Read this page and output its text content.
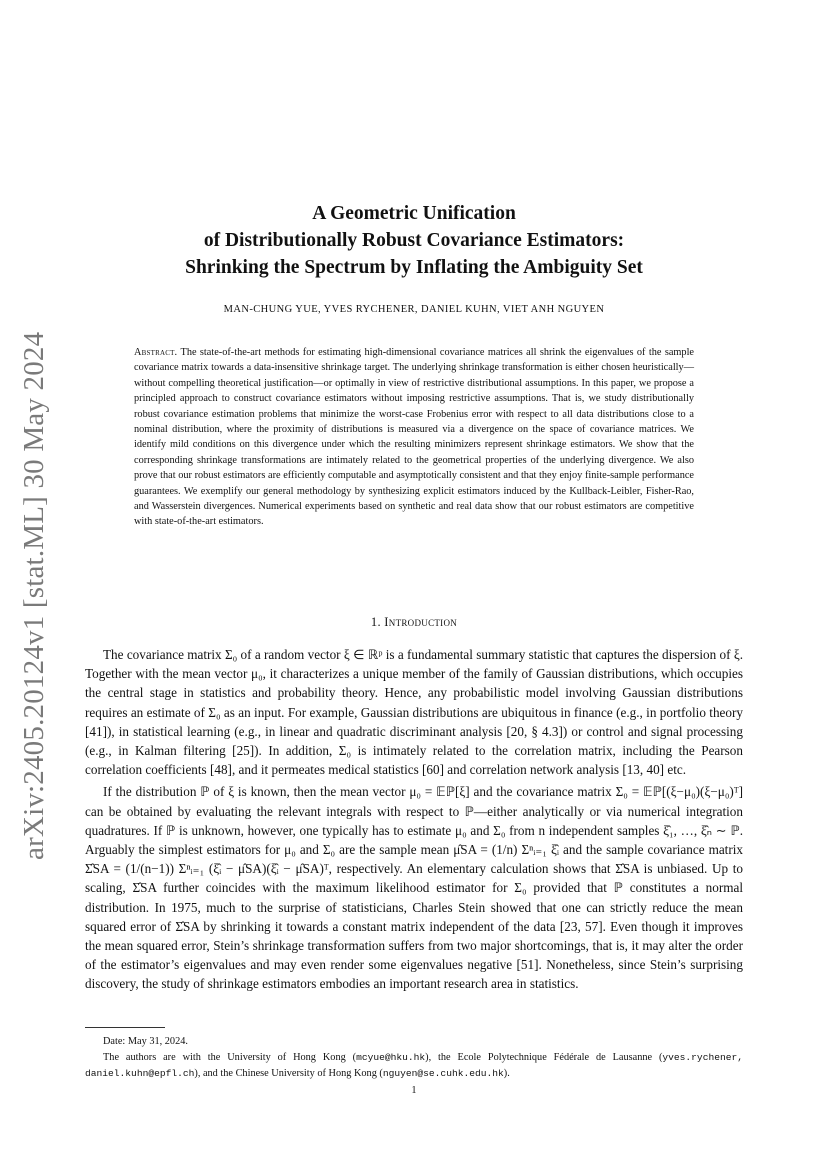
arXiv:2405.20124v1 [stat.ML] 30 May 2024
A Geometric Unification
of Distributionally Robust Covariance Estimators:
Shrinking the Spectrum by Inflating the Ambiguity Set
MAN-CHUNG YUE, YVES RYCHENER, DANIEL KUHN, VIET ANH NGUYEN
Abstract. The state-of-the-art methods for estimating high-dimensional covariance matrices all shrink the eigenvalues of the sample covariance matrix towards a data-insensitive shrinkage target. The underlying shrinkage transformation is either chosen heuristically—without compelling theoretical justification—or optimally in view of restrictive distributional assumptions. In this paper, we propose a principled approach to construct covariance estimators without imposing restrictive assumptions. That is, we study distributionally robust covariance estimation problems that minimize the worst-case Frobenius error with respect to all data distributions close to a nominal distribution, where the proximity of distributions is measured via a divergence on the space of covariance matrices. We identify mild conditions on this divergence under which the resulting minimizers represent shrinkage estimators. We show that the corresponding shrinkage transformations are intimately related to the geometrical properties of the underlying divergence. We also prove that our robust estimators are efficiently computable and asymptotically consistent and that they enjoy finite-sample performance guarantees. We exemplify our general methodology by synthesizing explicit estimators induced by the Kullback-Leibler, Fisher-Rao, and Wasserstein divergences. Numerical experiments based on synthetic and real data show that our robust estimators are competitive with state-of-the-art estimators.
1. Introduction

The covariance matrix Σ₀ of a random vector ξ ∈ ℝᵖ is a fundamental summary statistic that captures the dispersion of ξ. Together with the mean vector μ₀, it characterizes a unique member of the family of Gaussian distributions, which occupies the central stage in statistics and probability theory. Hence, any probabilistic model involving Gaussian distributions requires an estimate of Σ₀ as an input. For example, Gaussian distributions are ubiquitous in finance (e.g., in portfolio theory [41]), in statistical learning (e.g., in linear and quadratic discriminant analysis [20, § 4.3]) or control and signal processing (e.g., in Kalman filtering [25]). In addition, Σ₀ is intimately related to the correlation matrix, including the Pearson correlation coefficients [48], and it permeates medical statistics [60] and correlation network analysis [13, 40] etc.

If the distribution ℙ of ξ is known, then the mean vector μ₀ = 𝔼ℙ[ξ] and the covariance matrix Σ₀ = 𝔼ℙ[(ξ−μ₀)(ξ−μ₀)ᵀ] can be obtained by evaluating the relevant integrals with respect to ℙ—either analytically or via numerical integration quadratures. If ℙ is unknown, however, one typically has to estimate μ₀ and Σ₀ from n independent samples ξ̂₁, …, ξ̂ₙ ∼ ℙ. Arguably the simplest estimators for μ₀ and Σ₀ are the sample mean μ̂SA = (1/n) Σⁿᵢ₌₁ ξ̂ᵢ and the sample covariance matrix Σ̂SA = (1/(n−1)) Σⁿᵢ₌₁ (ξ̂ᵢ − μ̂SA)(ξ̂ᵢ − μ̂SA)ᵀ, respectively. An elementary calculation shows that Σ̂SA is unbiased. Up to scaling, Σ̂SA further coincides with the maximum likelihood estimator for Σ₀ provided that ℙ constitutes a normal distribution. In 1975, much to the surprise of statisticians, Charles Stein showed that one can strictly reduce the mean squared error of Σ̂SA by shrinking it towards a constant matrix independent of the data [23, 57]. Even though it improves the mean squared error, Stein’s shrinkage transformation suffers from two major shortcomings, that is, it may alter the order of the estimator’s eigenvalues and may even render some eigenvalues negative [51]. Nonetheless, since Stein’s surprising discovery, the study of shrinkage estimators embodies an important research area in statistics.

Date: May 31, 2024.

The authors are with the University of Hong Kong (mcyue@hku.hk), the Ecole Polytechnique Fédérale de Lausanne (yves.rychener, daniel.kuhn@epfl.ch), and the Chinese University of Hong Kong (nguyen@se.cuhk.edu.hk).

1
